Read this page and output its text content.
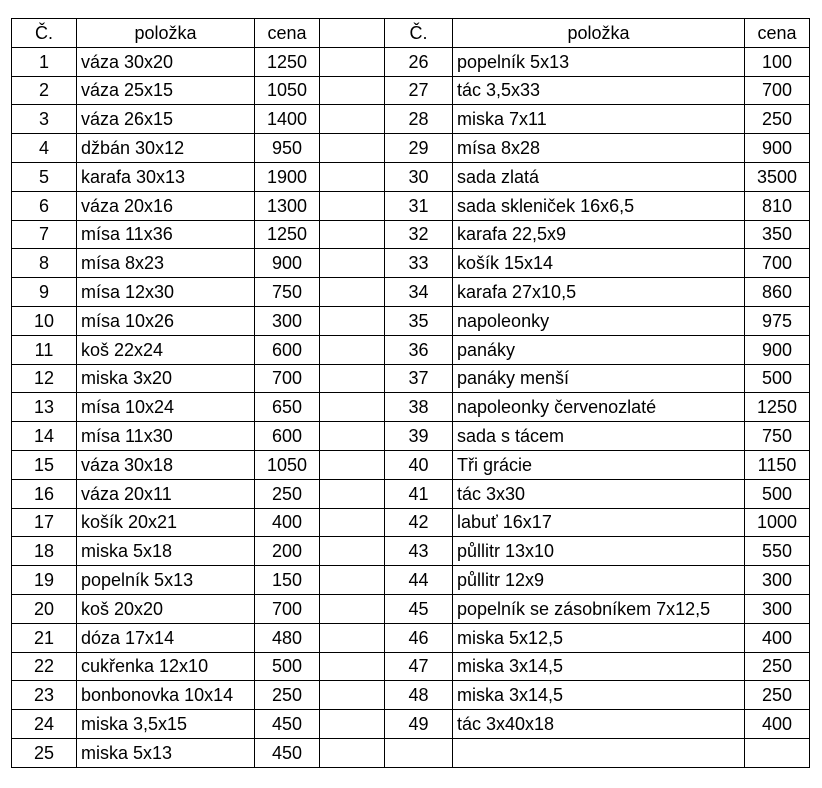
Č.	položka	cena		Č.	položka	cena
1	váza 30x20	1250		26	popelník 5x13	100
2	váza 25x15	1050		27	tác 3,5x33	700
3	váza 26x15	1400		28	miska 7x11	250
4	džbán 30x12	950		29	mísa 8x28	900
5	karafa 30x13	1900		30	sada zlatá	3500
6	váza 20x16	1300		31	sada skleniček 16x6,5	810
7	mísa 11x36	1250		32	karafa 22,5x9	350
8	mísa 8x23	900		33	košík 15x14	700
9	mísa 12x30	750		34	karafa 27x10,5	860
10	mísa 10x26	300		35	napoleonky	975
11	koš 22x24	600		36	panáky	900
12	miska 3x20	700		37	panáky menší	500
13	mísa 10x24	650		38	napoleonky červenozlaté	1250
14	mísa 11x30	600		39	sada s tácem	750
15	váza 30x18	1050		40	Tři grácie	1150
16	váza 20x11	250		41	tác 3x30	500
17	košík 20x21	400		42	labuť 16x17	1000
18	miska 5x18	200		43	půllitr 13x10	550
19	popelník 5x13	150		44	půllitr 12x9	300
20	koš 20x20	700		45	popelník se zásobníkem 7x12,5	300
21	dóza 17x14	480		46	miska 5x12,5	400
22	cukřenka 12x10	500		47	miska 3x14,5	250
23	bonbonovka 10x14	250		48	miska 3x14,5	250
24	miska 3,5x15	450		49	tác 3x40x18	400
25	miska 5x13	450				
